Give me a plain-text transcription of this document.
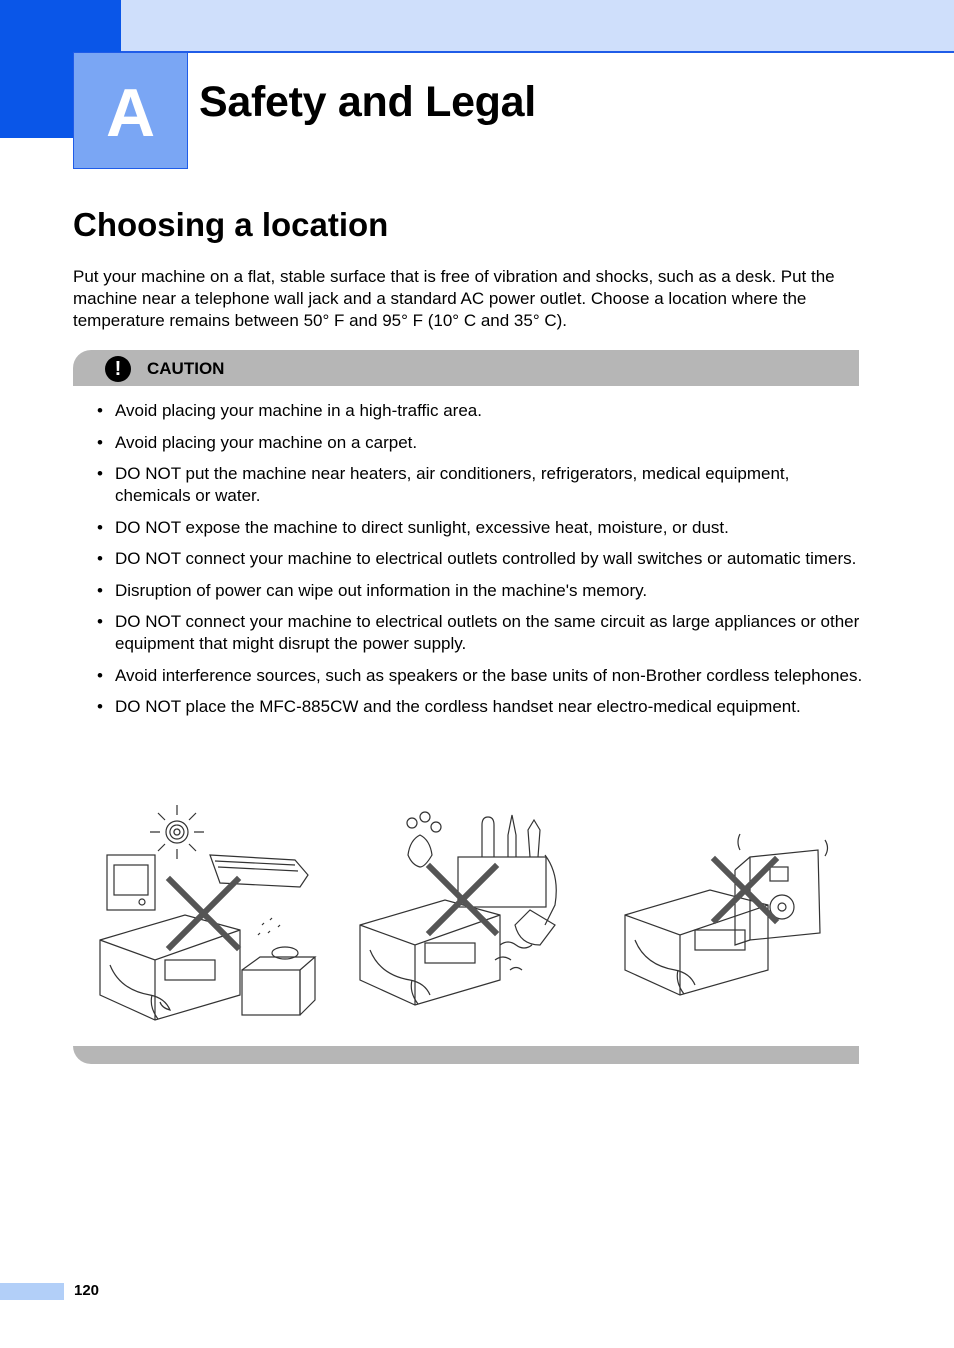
A Safety and Legal
Choosing a location
Put your machine on a flat, stable surface that is free of vibration and shocks, such as a desk. Put the machine near a telephone wall jack and a standard AC power outlet. Choose a location where the temperature remains between 50° F and 95° F (10° C and 35° C).
!	CAUTION
• Avoid placing your machine in a high-traffic area.
• Avoid placing your machine on a carpet.
• DO NOT put the machine near heaters, air conditioners, refrigerators, medical equipment, chemicals or water.
• DO NOT expose the machine to direct sunlight, excessive heat, moisture, or dust.
• DO NOT connect your machine to electrical outlets controlled by wall switches or automatic timers.
• Disruption of power can wipe out information in the machine's memory.
• DO NOT connect your machine to electrical outlets on the same circuit as large appliances or other equipment that might disrupt the power supply.
• Avoid interference sources, such as speakers or the base units of non-Brother cordless telephones.
• DO NOT place the MFC-885CW and the cordless handset near electro-medical equipment.
120
